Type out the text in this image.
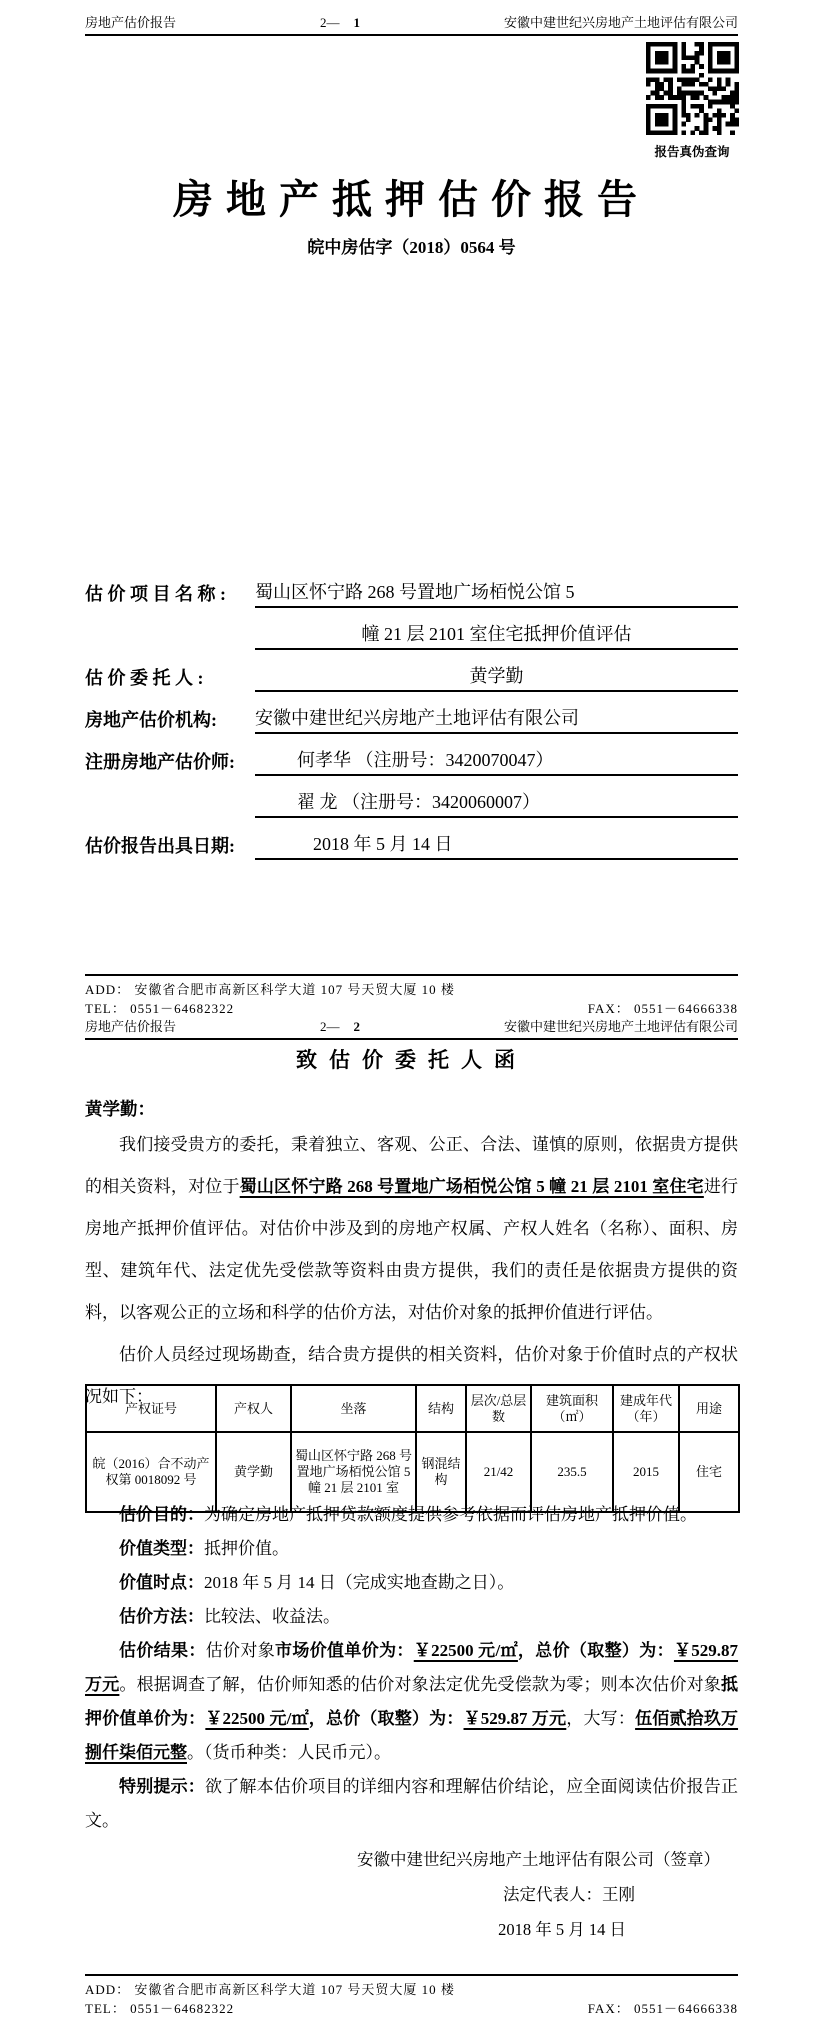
房地产估价报告	2— 1	安徽中建世纪兴房地产土地评估有限公司
报告真伪查询
房地产抵押估价报告
皖中房估字（2018）0564 号
估 价 项 目 名 称 :	蜀山区怀宁路 268 号置地广场栢悦公馆 5
幢 21 层 2101 室住宅抵押价值评估
估 价 委 托 人 :	黄学勤
房地产估价机构:	安徽中建世纪兴房地产土地评估有限公司
注册房地产估价师:	何孝华 （注册号：3420070047）
翟 龙 （注册号：3420060007）
估价报告出具日期:	2018 年 5 月 14 日
ADD： 安徽省合肥市高新区科学大道 107 号天贸大厦 10 楼
TEL： 0551－64682322	FAX： 0551－64666338
房地产估价报告	2— 2	安徽中建世纪兴房地产土地评估有限公司
致估价委托人函
黄学勤：

我们接受贵方的委托，秉着独立、客观、公正、合法、谨慎的原则，依据贵方提供的相关资料，对位于蜀山区怀宁路 268 号置地广场栢悦公馆 5 幢 21 层 2101 室住宅进行房地产抵押价值评估。对估价中涉及到的房地产权属、产权人姓名（名称）、面积、房型、建筑年代、法定优先受偿款等资料由贵方提供，我们的责任是依据贵方提供的资料，以客观公正的立场和科学的估价方法，对估价对象的抵押价值进行评估。

估价人员经过现场勘查，结合贵方提供的相关资料，估价对象于价值时点的产权状况如下：

产权证号	产权人	坐落	结构	层次/总层数	建筑面积（㎡）	建成年代（年）	用途
皖（2016）合不动产权第 0018092 号	黄学勤	蜀山区怀宁路 268 号置地广场栢悦公馆 5 幢 21 层 2101 室	钢混结构	21/42	235.5	2015	住宅

估价目的：为确定房地产抵押贷款额度提供参考依据而评估房地产抵押价值。

价值类型：抵押价值。

价值时点：2018 年 5 月 14 日（完成实地查勘之日）。

估价方法：比较法、收益法。

估价结果：估价对象市场价值单价为：￥22500 元/㎡，总价（取整）为：￥529.87 万元。根据调查了解，估价师知悉的估价对象法定优先受偿款为零；则本次估价对象抵押价值单价为：￥22500 元/㎡，总价（取整）为：￥529.87 万元，大写：伍佰贰拾玖万捌仟柒佰元整。（货币种类：人民币元）。

特别提示：欲了解本估价项目的详细内容和理解估价结论，应全面阅读估价报告正文。

安徽中建世纪兴房地产土地评估有限公司（签章）
法定代表人：王刚
2018 年 5 月 14 日
ADD： 安徽省合肥市高新区科学大道 107 号天贸大厦 10 楼
TEL： 0551－64682322	FAX： 0551－64666338
